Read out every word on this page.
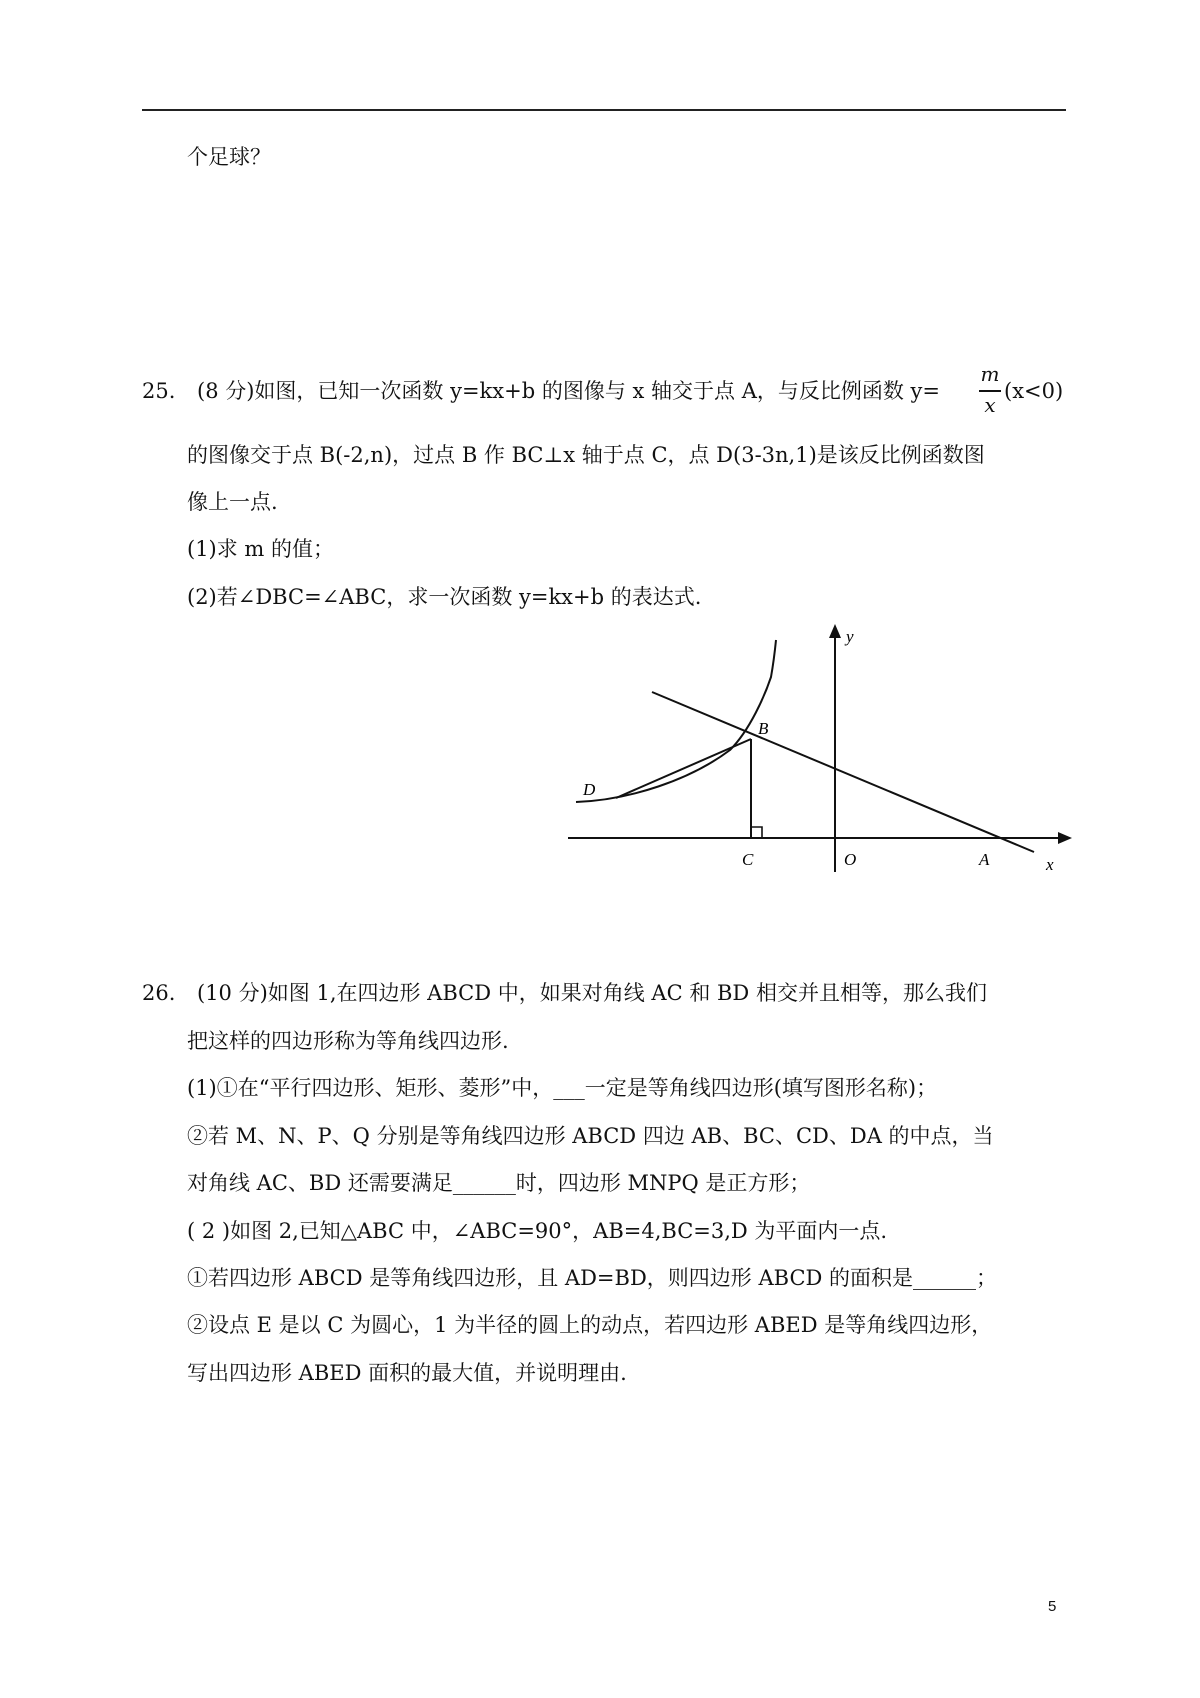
个足球？
25. (8 分)如图，已知一次函数 y=kx+b 的图像与 x 轴交于点 A，与反比例函数 y=
m
x
(x<0)
的图像交于点 B(-2,n)，过点 B 作 BC⊥x 轴于点 C，点 D(3-3n,1)是该反比例函数图
像上一点.
(1)求 m 的值；
(2)若∠DBC=∠ABC，求一次函数 y=kx+b 的表达式.
y
B
D
C	O	A	x
26. (10 分)如图 1,在四边形 ABCD 中，如果对角线 AC 和 BD 相交并且相等，那么我们
把这样的四边形称为等角线四边形.
(1)①在“平行四边形、矩形、菱形”中，___一定是等角线四边形(填写图形名称)；
②若 M、N、P、Q 分别是等角线四边形 ABCD 四边 AB、BC、CD、DA 的中点，当
对角线 AC、BD 还需要满足______时，四边形 MNPQ 是正方形；
( 2 )如图 2,已知△ABC 中，∠ABC=90°，AB=4,BC=3,D 为平面内一点.
①若四边形 ABCD 是等角线四边形，且 AD=BD，则四边形 ABCD 的面积是______；
②设点 E 是以 C 为圆心，1 为半径的圆上的动点，若四边形 ABED 是等角线四边形，
写出四边形 ABED 面积的最大值，并说明理由.
5
